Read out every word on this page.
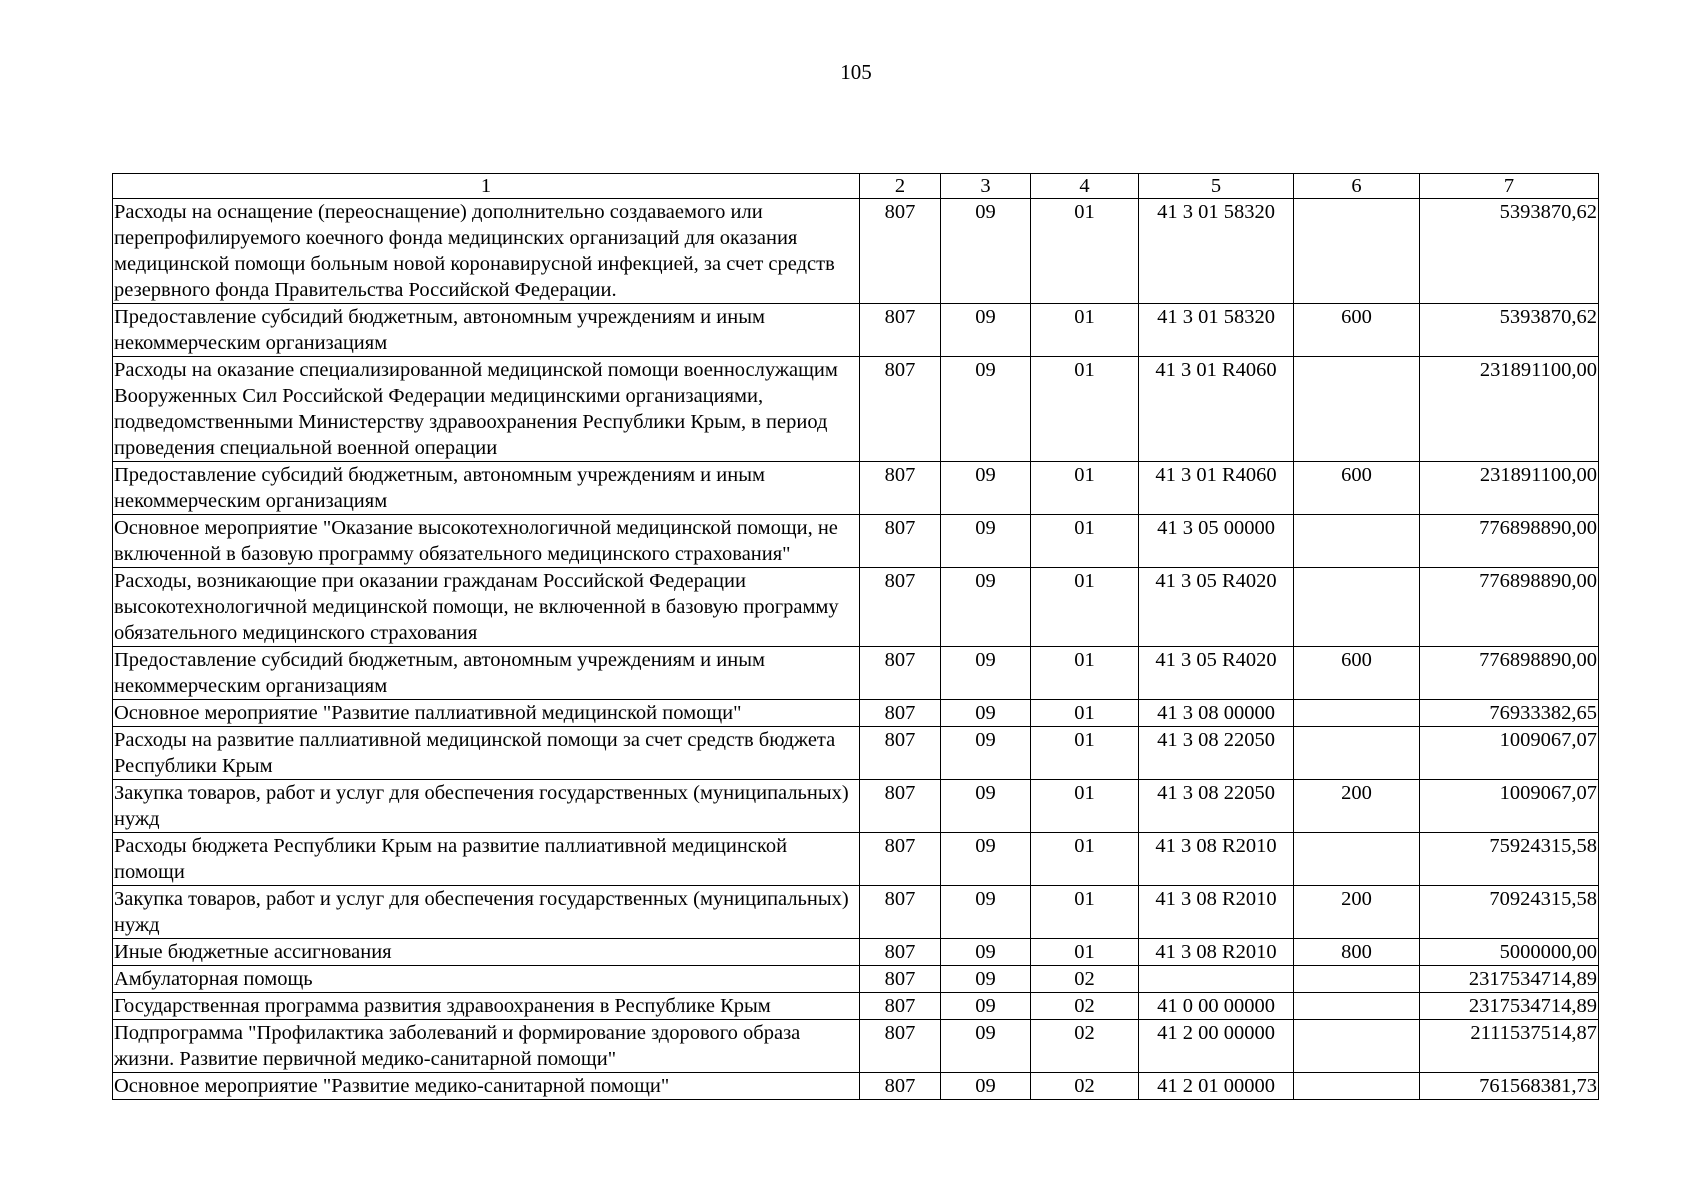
105
1	2	3	4	5	6	7
Расходы на оснащение (переоснащение) дополнительно создаваемого или перепрофилируемого коечного фонда медицинских организаций для оказания медицинской помощи больным новой коронавирусной инфекцией, за счет средств резервного фонда Правительства Российской Федерации.	807	09	01	41 3 01 58320		5393870,62
Предоставление субсидий бюджетным, автономным учреждениям и иным некоммерческим организациям	807	09	01	41 3 01 58320	600	5393870,62
Расходы на оказание специализированной медицинской помощи военнослужащим Вооруженных Сил Российской Федерации медицинскими организациями, подведомственными Министерству здравоохранения Республики Крым, в период проведения специальной военной операции	807	09	01	41 3 01 R4060		231891100,00
Предоставление субсидий бюджетным, автономным учреждениям и иным некоммерческим организациям	807	09	01	41 3 01 R4060	600	231891100,00
Основное мероприятие "Оказание высокотехнологичной медицинской помощи, не включенной в базовую программу обязательного медицинского страхования"	807	09	01	41 3 05 00000		776898890,00
Расходы, возникающие при оказании гражданам Российской Федерации высокотехнологичной медицинской помощи, не включенной в базовую программу обязательного медицинского страхования	807	09	01	41 3 05 R4020		776898890,00
Предоставление субсидий бюджетным, автономным учреждениям и иным некоммерческим организациям	807	09	01	41 3 05 R4020	600	776898890,00
Основное мероприятие "Развитие паллиативной медицинской помощи"	807	09	01	41 3 08 00000		76933382,65
Расходы на развитие паллиативной медицинской помощи за счет средств бюджета Республики Крым	807	09	01	41 3 08 22050		1009067,07
Закупка товаров, работ и услуг для обеспечения государственных (муниципальных) нужд	807	09	01	41 3 08 22050	200	1009067,07
Расходы бюджета Республики Крым на развитие паллиативной медицинской помощи	807	09	01	41 3 08 R2010		75924315,58
Закупка товаров, работ и услуг для обеспечения государственных (муниципальных) нужд	807	09	01	41 3 08 R2010	200	70924315,58
Иные бюджетные ассигнования	807	09	01	41 3 08 R2010	800	5000000,00
Амбулаторная помощь	807	09	02			2317534714,89
Государственная программа развития здравоохранения в Республике Крым	807	09	02	41 0 00 00000		2317534714,89
Подпрограмма "Профилактика заболеваний и формирование здорового образа жизни. Развитие первичной медико-санитарной помощи"	807	09	02	41 2 00 00000		2111537514,87
Основное мероприятие "Развитие медико-санитарной помощи"	807	09	02	41 2 01 00000		761568381,73
